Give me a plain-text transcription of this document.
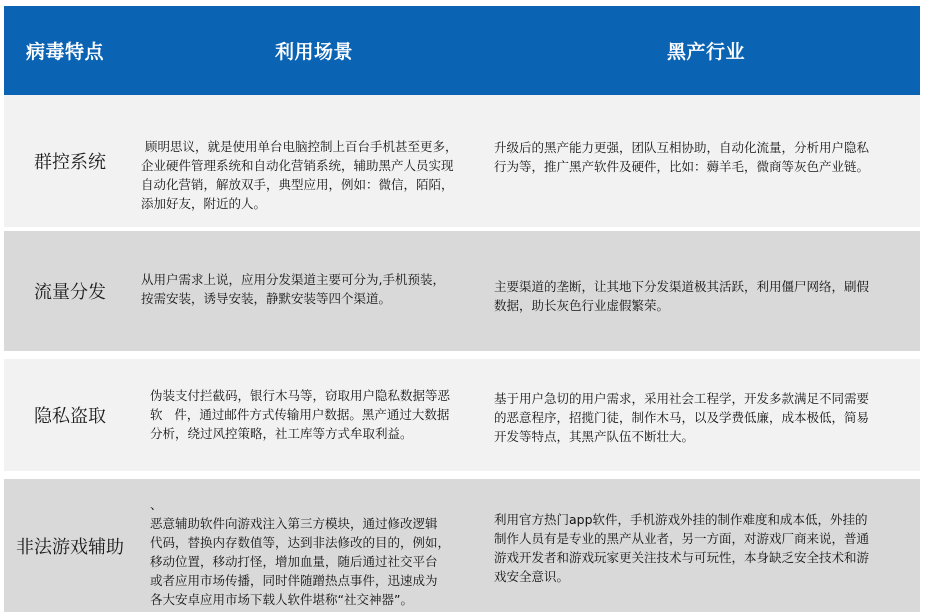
病毒特点	利用场景	黑产行业
群控系统
顾明思议，就是使用单台电脑控制上百台手机甚至更多，
企业硬件管理系统和自动化营销系统，辅助黑产人员实现
自动化营销，解放双手，典型应用，例如：微信，陌陌，
添加好友，附近的人。
升级后的黑产能力更强，团队互相协助，自动化流量，分析用户隐私
行为等，推广黑产软件及硬件，比如：薅羊毛，微商等灰色产业链。
流量分发
从用户需求上说，应用分发渠道主要可分为,手机预装，
按需安装，诱导安装，静默安装等四个渠道。
主要渠道的垄断，让其地下分发渠道极其活跃，利用僵尸网络，刷假
数据，助长灰色行业虚假繁荣。
隐私盗取
伪装支付拦截码，银行木马等，窃取用户隐私数据等恶
软   件，通过邮件方式传输用户数据。黑产通过大数据
分析，绕过风控策略，社工库等方式牟取利益。
基于用户急切的用户需求，采用社会工程学，开发多款满足不同需要
的恶意程序，招揽门徒，制作木马，以及学费低廉，成本极低，简易
开发等特点，其黑产队伍不断壮大。
非法游戏辅助
、
恶意辅助软件向游戏注入第三方模块，通过修改逻辑
代码，替换内存数值等，达到非法修改的目的，例如，
移动位置，移动打怪，增加血量，随后通过社交平台
或者应用市场传播，同时伴随蹭热点事件，迅速成为
各大安卓应用市场下载人软件堪称“社交神器”。
利用官方热门app软件，手机游戏外挂的制作难度和成本低，外挂的
制作人员有是专业的黑产从业者，另一方面，对游戏厂商来说，普通
游戏开发者和游戏玩家更关注技术与可玩性，本身缺乏安全技术和游
戏安全意识。
